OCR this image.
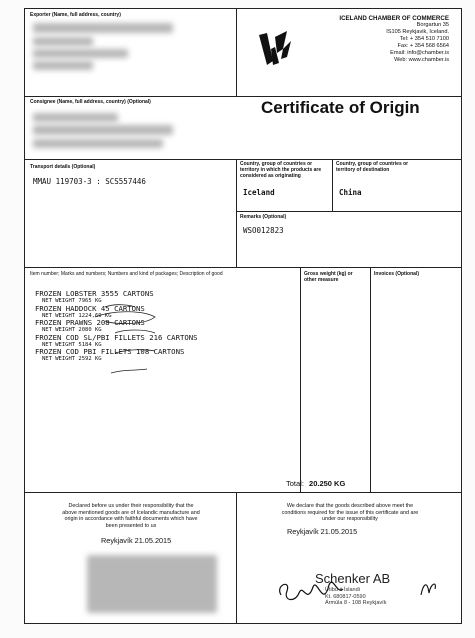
Exporter (Name, full address, country)	ICELAND CHAMBER OF COMMERCE
Borgartun 35
IS105 Reykjavik, Iceland.
Tel: + 354 510 7100
Fax: + 354 568 6564
Email: info@chamber.is
Web: www.chamber.is
Consignee (Name, full address, country) (Optional)	Certificate of Origin
Transport details (Optional)
MMAU 119703-3 : SCS557446
Country, group of countries or
territory in which the products are
considered as originating
Iceland
Country, group of countries or
territory of destination
China
Remarks (Optional)
WSO012823
Item number; Marks and numbers; Numbers and kind of packages; Description of good	Gross weight (kg) or
other measure
Invoices (Optional)
FROZEN LOBSTER 3555 CARTONS
NET WEIGHT 7965 KG
FROZEN HADDOCK 45 CARTONS
NET WEIGHT 1224,69 KG
FROZEN PRAWNS 208 CARTONS
NET WEIGHT 2080 KG
FROZEN COD SL/PBI FILLETS 216 CARTONS
NET WEIGHT 5184 KG
FROZEN COD PBI FILLETS 108 CARTONS
NET WEIGHT 2592 KG
Total: 20.250 KG
Declared before us under their responsibility that the
above mentioned goods are of Icelandic manufacture and
origin in accordance with faithful documents which have
been presented to us
Reykjavík 21.05.2015
We declare that the goods described above meet the
conditions required for the issue of this certificate and are
under our responsibility
Reykjavík 21.05.2015
Schenker AB
Útibú á Íslandi
Kt. 680817-0590
Ármúla 8 - 108 Reykjavík
